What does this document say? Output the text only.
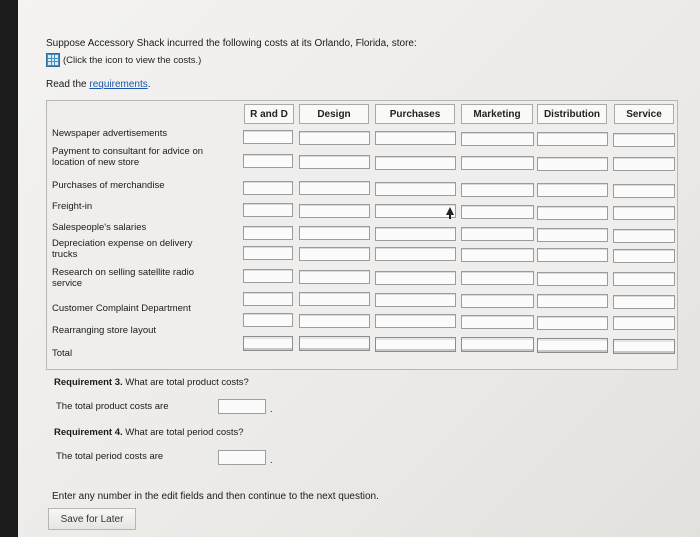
Suppose Accessory Shack incurred the following costs at its Orlando, Florida, store:
(Click the icon to view the costs.)
Read the requirements.
R and D	Design	Purchases	Marketing	Distribution	Service
Newspaper advertisements
Payment to consultant for advice on location of new store
Purchases of merchandise
Freight-in
Salespeople's salaries
Depreciation expense on delivery trucks
Research on selling satellite radio service
Customer Complaint Department
Rearranging store layout
Total
Requirement 3. What are total product costs?
The total product costs are	.
Requirement 4. What are total period costs?
The total period costs are	.
Enter any number in the edit fields and then continue to the next question.
Save for Later
